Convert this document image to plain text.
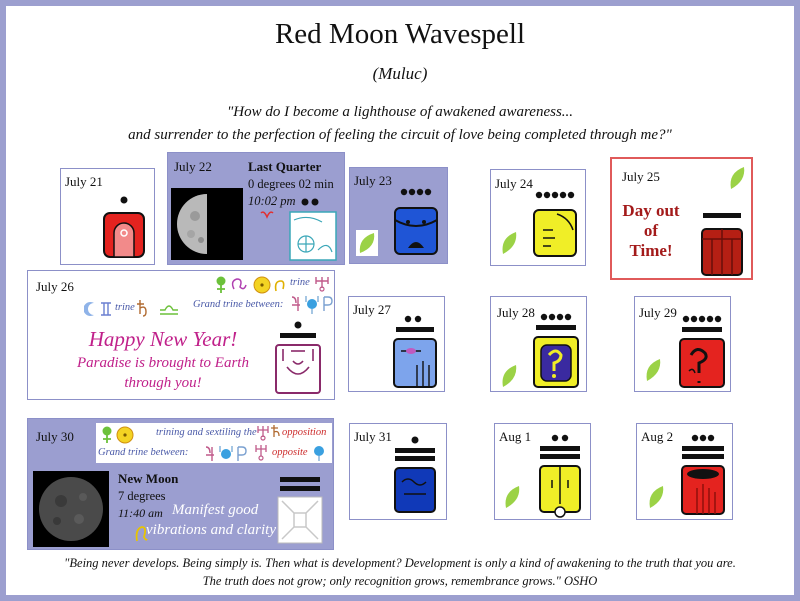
Red Moon Wavespell
(Muluc)
"How do I become a lighthouse of awakened awareness...
and surrender to the perfection of feeling the circuit of love being completed through me?"
July 21
July 22	Last Quarter
0 degrees 02 min
10:02 pm
July 23	July 24	July 25
Day out
of
Time!
July 26	trine
trine	Grand trine between:
Happy New Year!
Paradise is brought to Earth
through you!
July 27	July 28	July 29
July 30	trining and sextiling the opposition
Grand trine between:	opposite
New Moon
7 degrees
11:40 am Manifest good
vibrations and clarity
July 31	Aug 1	Aug 2
"Being never develops. Being simply is. Then what is development? Development is only a kind of awakening to the truth that you are.
The truth does not grow; only recognition grows, remembrance grows." OSHO
